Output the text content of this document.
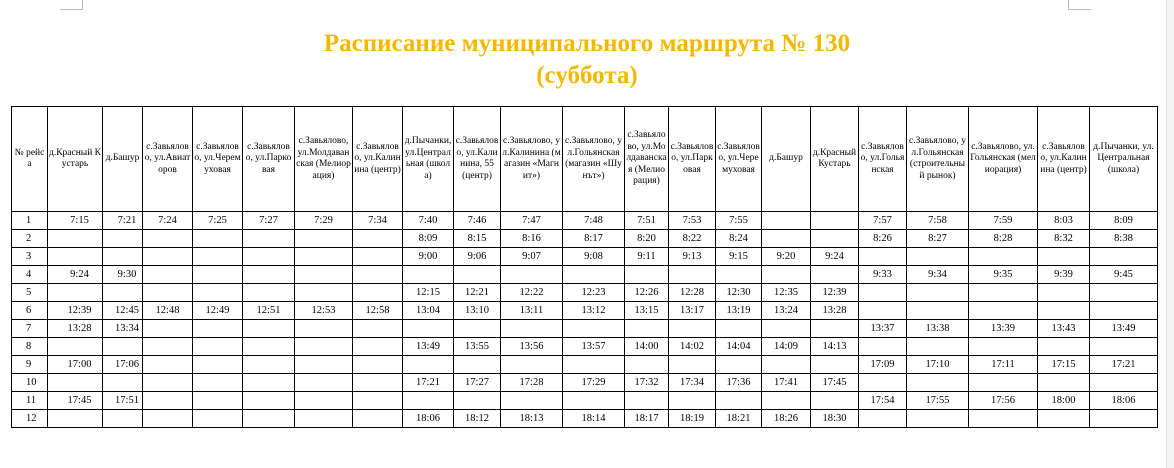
Расписание муниципального маршрута № 130
(суббота)
№ рейса	д.Красный Кустарь	д.Башур	с.Завьялово, ул.Авиаторов	с.Завьялово, ул.Черемуховая	с.Завьялово, ул.Парковая	с.Завьялово, ул.Молдаванская (Мелиорация)	с.Завьялово, ул.Калинина (центр)	д.Пычанки, ул.Центральная (школа)	с.Завьялово, ул.Калинина, 55 (центр)	с.Завьялово, ул.Калинина (магазин «Магнит»)	с.Завьялово, ул.Гольянская (магазин «Шунът»)	с.Завьялово, ул.Молдаванская (Мелиорация)	с.Завьялово, ул.Парковая	с.Завьялово, ул.Черемуховая	д.Башур	д.Красный Кустарь	с.Завьялово, ул.Гольянская	с.Завьялово, ул.Гольянская (строительный рынок)	с.Завьялово, ул.Гольянская (мелиорация)	с.Завьялово, ул.Калинина (центр)	д.Пычанки, ул.Центральная (школа)
1	7:15	7:21	7:24	7:25	7:27	7:29	7:34	7:40	7:46	7:47	7:48	7:51	7:53	7:55			7:57	7:58	7:59	8:03	8:09
2								8:09	8:15	8:16	8:17	8:20	8:22	8:24			8:26	8:27	8:28	8:32	8:38
3								9:00	9:06	9:07	9:08	9:11	9:13	9:15	9:20	9:24					
4	9:24	9:30															9:33	9:34	9:35	9:39	9:45
5								12:15	12:21	12:22	12:23	12:26	12:28	12:30	12:35	12:39					
6	12:39	12:45	12:48	12:49	12:51	12:53	12:58	13:04	13:10	13:11	13:12	13:15	13:17	13:19	13:24	13:28					
7	13:28	13:34															13:37	13:38	13:39	13:43	13:49
8								13:49	13:55	13:56	13:57	14:00	14:02	14:04	14:09	14:13					
9	17:00	17:06															17:09	17:10	17:11	17:15	17:21
10								17:21	17:27	17:28	17:29	17:32	17:34	17:36	17:41	17:45					
11	17:45	17:51															17:54	17:55	17:56	18:00	18:06
12								18:06	18:12	18:13	18:14	18:17	18:19	18:21	18:26	18:30					
